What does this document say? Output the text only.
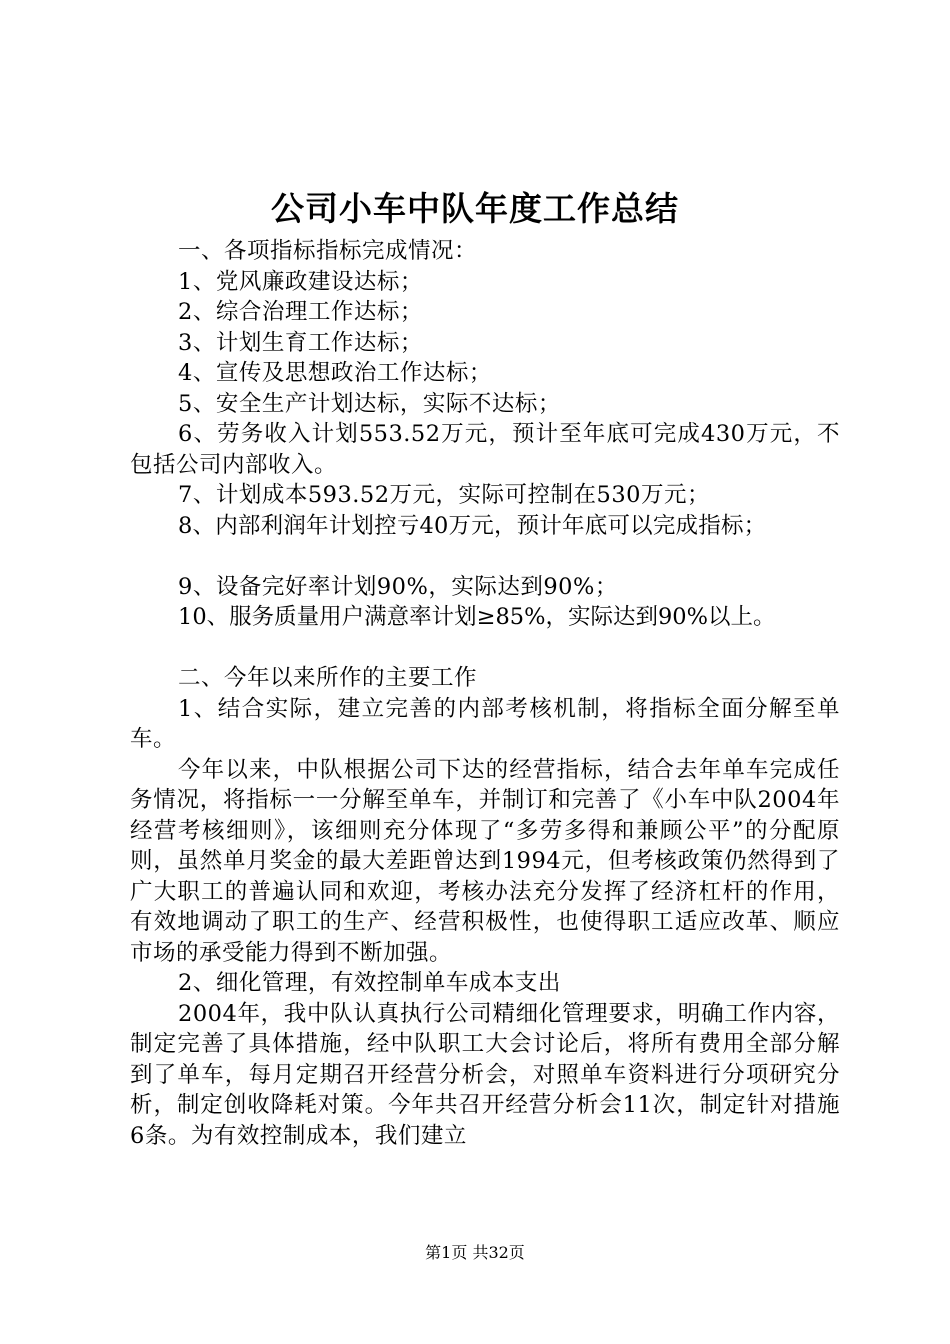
公司小车中队年度工作总结

一、各项指标指标完成情况：

1、党风廉政建设达标；

2、综合治理工作达标；

3、计划生育工作达标；

4、宣传及思想政治工作达标；

5、安全生产计划达标，实际不达标；

6、劳务收入计划553.52万元，预计至年底可完成430万元，不包括公司内部收入。

7、计划成本593.52万元，实际可控制在530万元；

8、内部利润年计划控亏40万元，预计年底可以完成指标；

9、设备完好率计划90%，实际达到90%；

10、服务质量用户满意率计划≥85%，实际达到90%以上。

二、今年以来所作的主要工作

1、结合实际，建立完善的内部考核机制，将指标全面分解至单车。

今年以来，中队根据公司下达的经营指标，结合去年单车完成任务情况，将指标一一分解至单车，并制订和完善了《小车中队2004年经营考核细则》，该细则充分体现了“多劳多得和兼顾公平”的分配原则，虽然单月奖金的最大差距曾达到1994元，但考核政策仍然得到了广大职工的普遍认同和欢迎，考核办法充分发挥了经济杠杆的作用，有效地调动了职工的生产、经营积极性，也使得职工适应改革、顺应市场的承受能力得到不断加强。

2、细化管理，有效控制单车成本支出

2004年，我中队认真执行公司精细化管理要求，明确工作内容，制定完善了具体措施，经中队职工大会讨论后，将所有费用全部分解到了单车，每月定期召开经营分析会，对照单车资料进行分项研究分析，制定创收降耗对策。今年共召开经营分析会11次，制定针对措施6条。为有效控制成本，我们建立

第1页 共32页
